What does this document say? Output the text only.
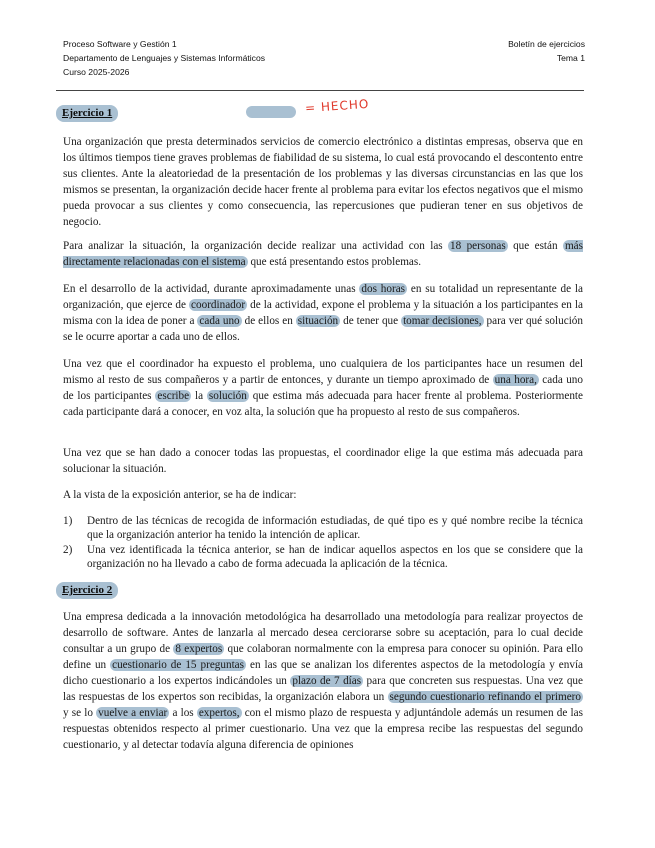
Proceso Software y Gestión 1
Departamento de Lenguajes y Sistemas Informáticos
Curso 2025-2026
Boletín de ejercicios
Tema 1
Ejercicio 1	= HECHO

Una organización que presta determinados servicios de comercio electrónico a distintas empresas, observa que en los últimos tiempos tiene graves problemas de fiabilidad de su sistema, lo cual está provocando el descontento entre sus clientes. Ante la aleatoriedad de la presentación de los problemas y las diversas circunstancias en las que los mismos se presentan, la organización decide hacer frente al problema para evitar los efectos negativos que el mismo pueda provocar a sus clientes y como consecuencia, las repercusiones que pudieran tener en sus objetivos de negocio.

Para analizar la situación, la organización decide realizar una actividad con las 18 personas que están más directamente relacionadas con el sistema que está presentando estos problemas.

En el desarrollo de la actividad, durante aproximadamente unas dos horas en su totalidad un representante de la organización, que ejerce de coordinador de la actividad, expone el problema y la situación a los participantes en la misma con la idea de poner a cada uno de ellos en situación de tener que tomar decisiones, para ver qué solución se le ocurre aportar a cada uno de ellos.

Una vez que el coordinador ha expuesto el problema, uno cualquiera de los participantes hace un resumen del mismo al resto de sus compañeros y a partir de entonces, y durante un tiempo aproximado de una hora, cada uno de los participantes escribe la solución que estima más adecuada para hacer frente al problema. Posteriormente cada participante dará a conocer, en voz alta, la solución que ha propuesto al resto de sus compañeros.

Una vez que se han dado a conocer todas las propuestas, el coordinador elige la que estima más adecuada para solucionar la situación.

A la vista de la exposición anterior, se ha de indicar:

1) Dentro de las técnicas de recogida de información estudiadas, de qué tipo es y qué nombre recibe la técnica que la organización anterior ha tenido la intención de aplicar.
2) Una vez identificada la técnica anterior, se han de indicar aquellos aspectos en los que se considere que la organización no ha llevado a cabo de forma adecuada la aplicación de la técnica.
Ejercicio 2

Una empresa dedicada a la innovación metodológica ha desarrollado una metodología para realizar proyectos de desarrollo de software. Antes de lanzarla al mercado desea cerciorarse sobre su aceptación, para lo cual decide consultar a un grupo de 8 expertos que colaboran normalmente con la empresa para conocer su opinión. Para ello define un cuestionario de 15 preguntas en las que se analizan los diferentes aspectos de la metodología y envía dicho cuestionario a los expertos indicándoles un plazo de 7 días para que concreten sus respuestas. Una vez que las respuestas de los expertos son recibidas, la organización elabora un segundo cuestionario refinando el primero y se lo vuelve a enviar a los expertos, con el mismo plazo de respuesta y adjuntándole además un resumen de las respuestas obtenidos respecto al primer cuestionario. Una vez que la empresa recibe las respuestas del segundo cuestionario, y al detectar todavía alguna diferencia de opiniones
